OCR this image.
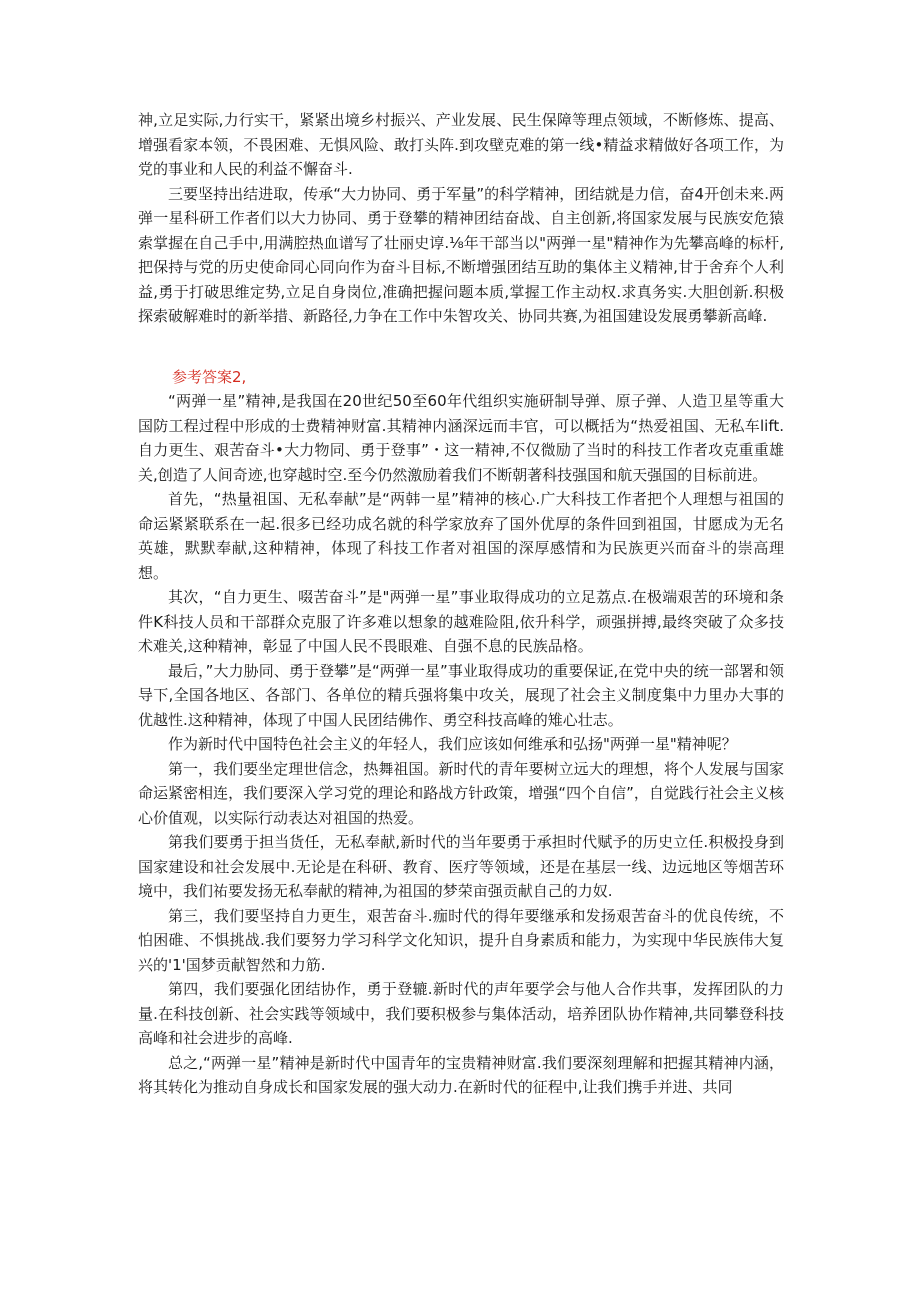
神,立足实际,力行实干，紧紧出境乡村振兴、产业发展、民生保障等理点领域，不断修炼、提高、增强看家本领，不畏困难、无惧风险、敢打头阵.到攻壁克难的第一线•精益求精做好各项工作，为党的事业和人民的利益不懈奋斗.

三要坚持出结进取，传承“大力协同、勇于军量”的科学精神，团结就是力信，奋4开创未来.两弹一星科研工作者们以大力协同、勇于登攀的精神团结奋战、自主创新,将国家发展与民族安危猿索掌握在自己手中,用满腔热血谱写了壮丽史谆.⅛年干部当以"两弹一星"精神作为先攀高峰的标杆,把保持与党的历史使命同心同向作为奋斗目标,不断增强团结互助的集体主义精神,甘于舍弃个人利益,勇于打破思维定势,立足自身岗位,准确把握问题本质,掌握工作主动权.求真务实.大胆创新.积极探索破解难时的新举措、新路径,力争在工作中朱智攻关、协同共赛,为祖国建设发展勇攀新高峰.

参考答案2,

“两弹一星”精神,是我国在20世纪50至60年代组织实施研制导弹、原子弹、人造卫星等重大国防工程过程中形成的士费精神财富.其精神内涵深远而丰官，可以概括为“热爱祖国、无私车lift.自力更生、艰苦奋斗•大力物同、勇于登事”・这一精神,不仅微励了当时的科技工作者攻克重重雄关,创造了人间奇迹,也穿越时空.至今仍然激励着我们不断朝著科技强国和航天强国的目标前进。

首先，“热量祖国、无私奉献”是“两韩一星”精神的核心.广大科技工作者把个人理想与祖国的命运紧紧联系在一起.很多已经功成名就的科学家放弃了国外优厚的条件回到祖国，甘愿成为无名英雄，默默奉献,这种精神，体现了科技工作者对祖国的深厚感情和为民族更兴而奋斗的崇高理想。

其次，“自力更生、啜苦奋斗”是"两弹一星”事业取得成功的立足荔点.在极端艰苦的环境和条件K科技人员和干部群众克服了许多难以想象的越难险阻,依升科学，顽强拼搏,最终突破了众多技术难关,这种精神，彰显了中国人民不畏眼难、自强不息的民族品格。

最后，”大力胁同、勇于登攀”是“两弹一星”事业取得成功的重要保证,在党中央的统一部署和领导下,全国各地区、各部门、各单位的精兵强将集中攻关，展现了社会主义制度集中力里办大事的优越性.这种精神，体现了中国人民团结佛作、勇空科技高峰的雉心壮志。

作为新时代中国特色社会主义的年轻人，我们应该如何维承和弘扬"两弹一星"精神呢？

第一，我们要坐定理世信念，热舞祖国。新时代的青年要树立远大的理想，将个人发展与国家命运紧密相连，我们要深入学习党的理论和路战方针政策，增强“四个自信”，自觉践行社会主义核心价值观，以实际行动表达对祖国的热爱。

第我们要勇于担当货任，无私奉献,新时代的当年要勇于承担时代赋予的历史立任.积极投身到国家建设和社会发展中.无论是在科研、教育、医疗等领域，还是在基层一线、边远地区等烟苦环境中，我们祐要发扬无私奉献的精神,为祖国的梦荣亩强贡献自己的力奴.

第三，我们要坚持自力更生，艰苦奋斗.痂时代的得年要继承和发扬艰苦奋斗的优良传统，不怕困碓、不惧挑战.我们要努力学习科学文化知识，提升自身素质和能力，为实现中华民族伟大复兴的'1'国梦贡献智然和力筋.

第四，我们要强化团结协作，勇于登辘.新时代的声年要学会与他人合作共事，发挥团队的力量.在科技创新、社会实践等领域中，我们要积极参与集体活动，培养团队协作精神,共同攀登科技高峰和社会进步的高峰.

总之,“两弹一星”精神是新时代中国青年的宝贵精神财富.我们要深刻理解和把握其精神内涵，将其转化为推动自身成长和国家发展的强大动力.在新时代的征程中,让我们携手并进、共同
